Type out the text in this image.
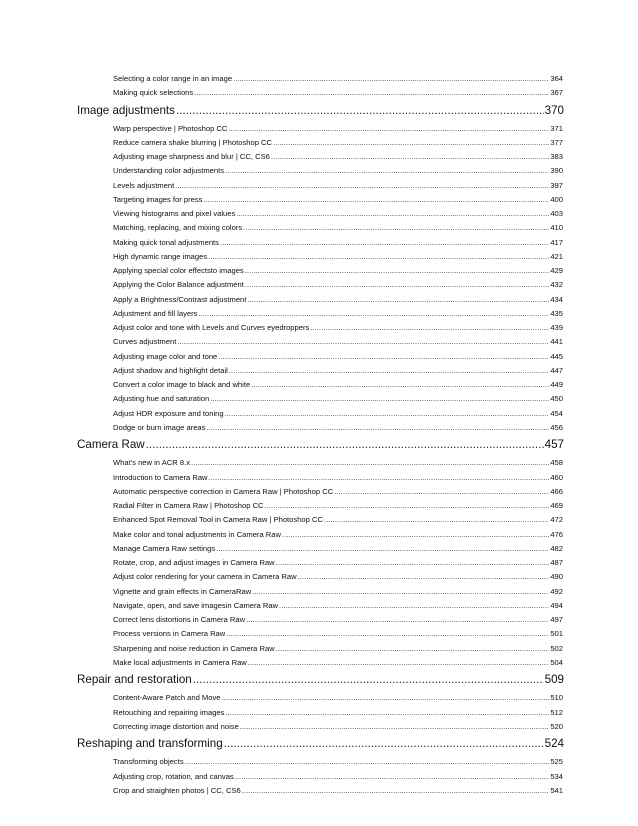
Selecting a color range in an image .....	364
Making quick selections .....	367
Image adjustments .....	370
Warp perspective | Photoshop CC .....	371
Reduce camera shake blurring | Photoshop CC .....	377
Adjusting image sharpness and blur | CC, CS6 .....	383
Understanding color adjustments .....	390
Levels adjustment .....	397
Targeting images for press .....	400
Viewing histograms and pixel values .....	403
Matching, replacing, and mixing colors .....	410
Making quick tonal adjustments .....	417
High dynamic range images .....	421
Applying special color effectsto images .....	429
Applying the Color Balance adjustment .....	432
Apply a Brightness/Contrast adjustment .....	434
Adjustment and fill layers .....	435
Adjust color and tone with Levels and Curves eyedroppers .....	439
Curves adjustment .....	441
Adjusting image color and tone .....	445
Adjust shadow and highlight detail .....	447
Convert a color image to black and white .....	449
Adjusting hue and saturation .....	450
Adjust HDR exposure and toning .....	454
Dodge or burn image areas .....	456
Camera Raw .....	457
What's new in ACR 8.x .....	458
Introduction to Camera Raw .....	460
Automatic perspective correction in Camera Raw | Photoshop CC .....	466
Radial Filter in Camera Raw | Photoshop CC .....	469
Enhanced Spot Removal Tool in Camera Raw | Photoshop CC .....	472
Make color and tonal adjustments in Camera Raw .....	476
Manage Camera Raw settings .....	482
Rotate, crop, and adjust images in Camera Raw .....	487
Adjust color rendering for your camera in Camera Raw .....	490
Vignette and grain effects in CameraRaw .....	492
Navigate, open, and save imagesin Camera Raw .....	494
Correct lens distortions in Camera Raw .....	497
Process versions in Camera Raw .....	501
Sharpening and noise reduction in Camera Raw .....	502
Make local adjustments in Camera Raw .....	504
Repair and restoration .....	509
Content-Aware Patch and Move .....	510
Retouching and repairing images .....	512
Correcting image distortion and noise .....	520
Reshaping and transforming .....	524
Transforming objects .....	525
Adjusting crop, rotation, and canvas .....	534
Crop and straighten photos | CC, CS6 .....	541
